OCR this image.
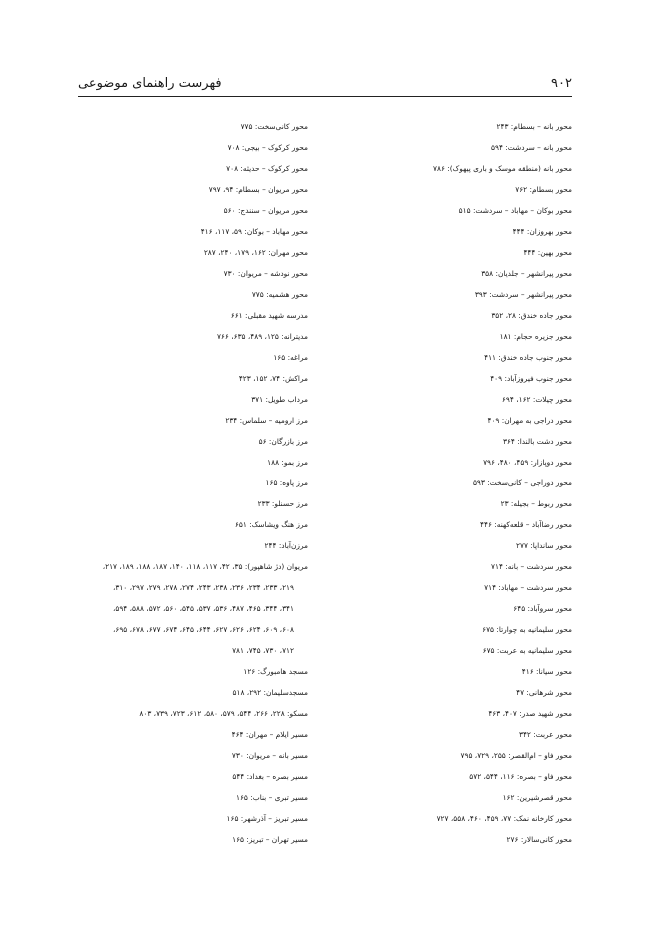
فهرست راهنمای موضوعی	۹۰۲
محور بانه – بسطام: ۲۴۳
محور بانه – سردشت: ۵۹۴
محور بانه (منطقه موسک و باری پیهوک): ۷۸۶
محور بسطام: ۷۶۲
محور بوکان – مهاباد – سردشت: ۵۱۵
محور بهروزان: ۴۴۴
محور بهین: ۴۴۴
محور پیرانشهر – جلدیان: ۳۵۸
محور پیرانشهر – سردشت: ۳۹۳
محور جاده خندق: ۲۸، ۳۵۲
محور جزیره حجام: ۱۸۱
محور جنوب جاده خندق: ۴۱۱
محور جنوب فیروزآباد: ۴۰۹
محور چیلات: ۱۶۲، ۶۹۴
محور دراجی به مهران: ۴۰۹
محور دشت بالندا: ۳۶۴
محور دوپازار: ۴۵۹، ۴۸۰، ۷۹۶
محور دوراجی – کانی‌سخت: ۵۹۳
محور ربوط – بجیله: ۲۳
محور رضاآباد – قلعه‌کهنه: ۴۴۶
محور سانداپا: ۲۷۷
محور سردشت – بانه: ۷۱۴
محور سردشت – مهاباد: ۷۱۴
محور سروآباد: ۶۴۵
محور سلیمانیه به چوارتا: ۶۷۵
محور سلیمانیه به عربت: ۶۷۵
محور سیانا: ۴۱۶
محور شرهانی: ۴۷
محور شهید صدر: ۴۰۷، ۴۶۳
محور عربت: ۳۴۲
محور فاو – ام‌القصر: ۲۵۵، ۷۲۹، ۷۹۵
محور فاو – بصره: ۱۱۶، ۵۴۴، ۵۷۲
محور قصرشیرین: ۱۶۲
محور کارخانه نمک: ۷۷، ۴۵۹، ۴۶۰، ۵۵۸، ۷۲۷
محور کانی‌سالار: ۲۷۶
محور کانی‌سخت: ۷۷۵
محور کرکوک – بیجی: ۷۰۸
محور کرکوک – حدیثه: ۷۰۸
محور مریوان – بسطام: ۹۴، ۷۹۷
محور مریوان – سنندج: ۵۶۰
محور مهاباد – بوکان: ۵۹، ۱۱۷، ۴۱۶
محور مهران: ۱۶۲، ۱۷۹، ۲۴۰، ۲۸۷
محور نودشه – مریوان: ۷۳۰
محور هشمیه: ۷۷۵
مدرسه شهید مقبلی: ۶۶۱
مدیترانه: ۱۲۵، ۴۸۹، ۶۳۵، ۷۶۶
مراغه: ۱۶۵
مراکش: ۷۴، ۱۵۲، ۴۲۳
مرداب طویل: ۳۷۱
مرز ارومیه – سلماس: ۲۳۴
مرز بازرگان: ۵۶
مرز بمو: ۱۸۸
مرز پاوه: ۱۶۵
مرز حسنلو: ۲۳۳
مرز هنگ ویشاسک: ۶۵۱
مرزن‌آباد: ۲۴۴
مریوان (دژ شاهپور): ۳۵، ۴۲، ۱۱۷، ۱۱۸، ۱۴۰، ۱۸۷، ۱۸۸، ۱۸۹، ۲۱۷،
۲۱۹، ۲۳۳، ۲۳۴، ۲۳۶، ۲۳۸، ۲۴۳، ۲۷۴، ۲۷۸، ۲۷۹، ۲۹۷، ۳۱۰،
۳۴۱، ۳۴۴، ۴۶۵، ۴۸۷، ۵۳۶، ۵۳۷، ۵۴۵، ۵۶۰، ۵۷۲، ۵۸۸، ۵۹۴،
۶۰۸، ۶۰۹، ۶۲۴، ۶۲۶، ۶۲۷، ۶۴۴، ۶۴۵، ۶۷۴، ۶۷۷، ۶۷۸، ۶۹۵،
۷۱۲، ۷۳۰، ۷۴۵، ۷۸۱
مسجد هامبورگ: ۱۲۶
مسجدسلیمان: ۲۹۲، ۵۱۸
مسکو: ۲۲۸، ۲۶۶، ۵۴۴، ۵۷۹، ۵۸۰، ۶۱۲، ۷۲۳، ۷۳۹، ۸۰۳
مسیر ایلام – مهران: ۴۶۴
مسیر بانه – مریوان: ۷۳۰
مسیر بصره – بغداد: ۵۴۴
مسیر تبری – بناب: ۱۶۵
مسیر تبریز – آذرشهر: ۱۶۵
مسیر تهران – تبریز: ۱۶۵
